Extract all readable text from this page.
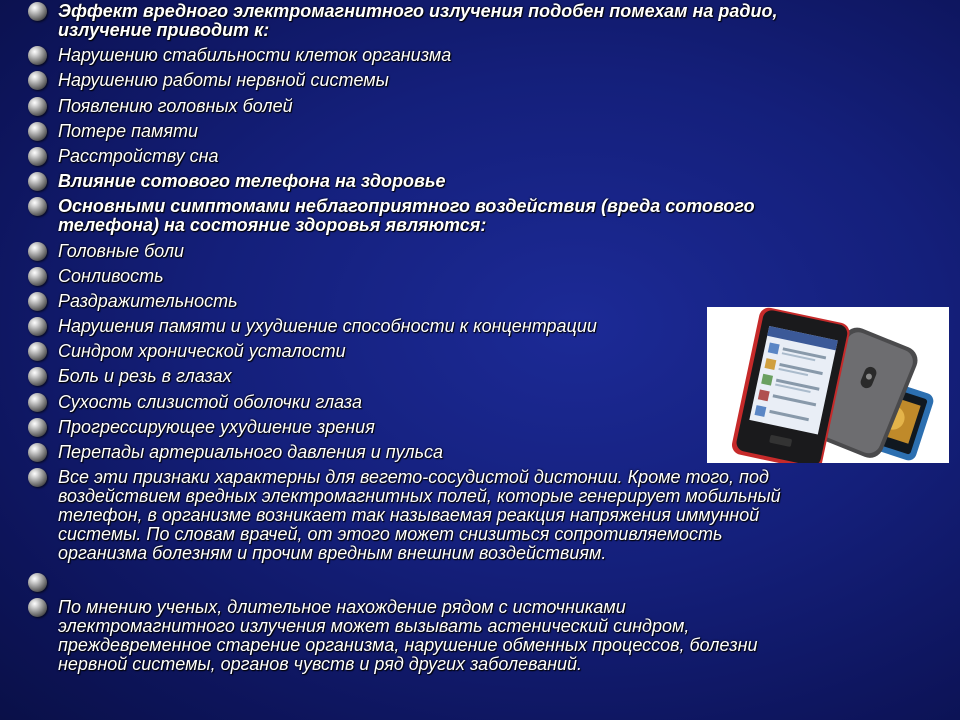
Эффект вредного электромагнитного излучения подобен помехам на радио,
излучение приводит к:
Нарушению стабильности клеток организма
Нарушению работы нервной системы
Появлению головных болей
Потере памяти
Расстройству сна
Влияние сотового телефона на здоровье
Основными симптомами неблагоприятного воздействия (вреда сотового
телефона) на состояние здоровья являются:
Головные боли
Сонливость
Раздражительность
Нарушения памяти и ухудшение способности к концентрации
Синдром хронической усталости
Боль и резь в глазах
Сухость слизистой оболочки глаза
Прогрессирующее ухудшение зрения
Перепады артериального давления и пульса
Все эти признаки характерны для вегето-сосудистой дистонии. Кроме того, под
воздействием вредных электромагнитных полей, которые генерирует мобильный
телефон, в организме возникает так называемая реакция напряжения иммунной
системы. По словам врачей, от этого может снизиться сопротивляемость
организма болезням и прочим вредным внешним воздействиям.
По мнению ученых, длительное нахождение рядом с источниками
электромагнитного излучения может вызывать астенический синдром,
преждевременное старение организма, нарушение обменных процессов, болезни
нервной системы, органов чувств и ряд других заболеваний.
